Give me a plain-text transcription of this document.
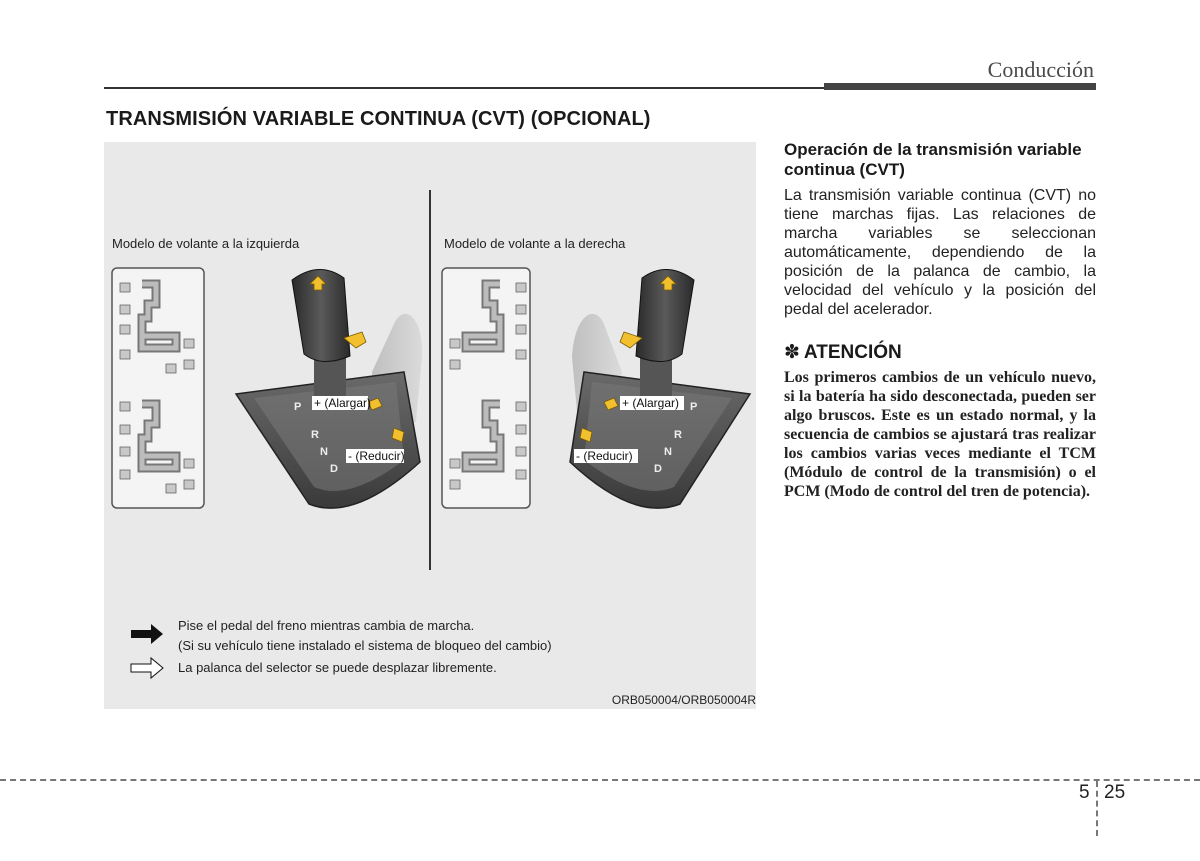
Conducción
TRANSMISIÓN VARIABLE CONTINUA (CVT) (OPCIONAL)
P
R
N
D
P
R
N
D
+ (Alargar)
- (Reducir)
+ (Alargar)
- (Reducir)
Modelo de volante a la izquierda	Modelo de volante a la derecha
Pise el pedal del freno mientras cambia de marcha.
(Si su vehículo tiene instalado el sistema de bloqueo del cambio)
La palanca del selector se puede desplazar libremente.
ORB050004/ORB050004R
Operación de la transmisión variable continua (CVT)
La transmisión variable continua (CVT) no tiene marchas fijas. Las relaciones de marcha variables se seleccionan automáticamente, dependiendo de la posición de la palanca de cambio, la velocidad del vehículo y la posición del pedal del acelerador.
✽ ATENCIÓN
Los primeros cambios de un vehículo nuevo, si la batería ha sido desconectada, pueden ser algo bruscos. Este es un estado normal, y la secuencia de cambios se ajustará tras realizar los cambios varias veces mediante el TCM (Módulo de control de la transmisión) o el PCM (Modo de control del tren de potencia).
5 25
